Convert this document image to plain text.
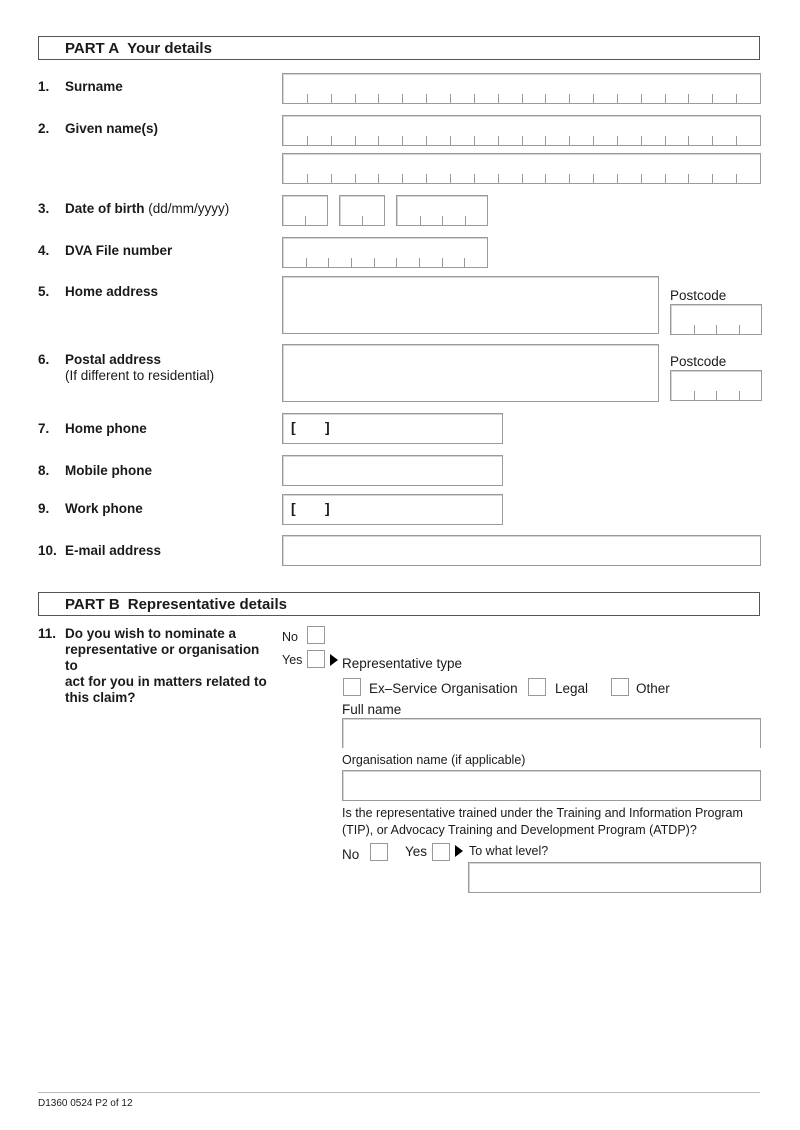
PART A Your details
1. Surname
2. Given name(s)
3. Date of birth (dd/mm/yyyy)
4. DVA File number
5. Home address	Postcode
6. Postal address
(If different to residential)
Postcode
7. Home phone	[ ]
8. Mobile phone
9. Work phone	[ ]
10. E-mail address
PART B Representative details
11. Do you wish to nominate a
representative or organisation to
act for you in matters related to
this claim?
No
Yes	Representative type
Ex–Service Organisation	Legal	Other
Full name
Organisation name (if applicable)
Is the representative trained under the Training and Information Program
(TIP), or Advocacy Training and Development Program (ATDP)?
No	Yes	To what level?
D1360 0524 P2 of 12
